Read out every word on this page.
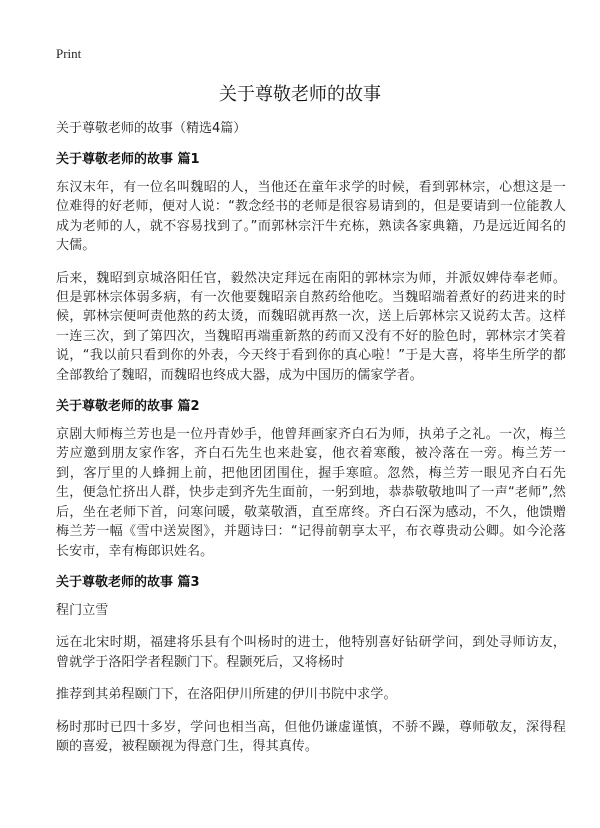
Print
关于尊敬老师的故事

关于尊敬老师的故事（精选4篇）

关于尊敬老师的故事 篇1

东汉末年，有一位名叫魏昭的人，当他还在童年求学的时候，看到郭林宗，心想这是一位难得的好老师，便对人说：“教念经书的老师是很容易请到的，但是要请到一位能教人成为老师的人，就不容易找到了。”而郭林宗汗牛充栋，熟读各家典籍，乃是远近闻名的大儒。

后来，魏昭到京城洛阳任官，毅然决定拜远在南阳的郭林宗为师，并派奴婢侍奉老师。但是郭林宗体弱多病，有一次他要魏昭亲自熬药给他吃。当魏昭端着煮好的药进来的时候，郭林宗便呵责他熬的药太烫，而魏昭就再熬一次，送上后郭林宗又说药太苦。这样一连三次，到了第四次，当魏昭再端重新熬的药而又没有不好的脸色时，郭林宗才笑着说，“我以前只看到你的外表，今天终于看到你的真心啦！”于是大喜，将毕生所学的都全部教给了魏昭，而魏昭也终成大器，成为中国历的儒家学者。

关于尊敬老师的故事 篇2

京剧大师梅兰芳也是一位丹青妙手，他曾拜画家齐白石为师，执弟子之礼。一次，梅兰芳应邀到朋友家作客，齐白石先生也来赴宴，他衣着寒酸，被冷落在一旁。梅兰芳一到，客厅里的人蜂拥上前，把他团团围住，握手寒暄。忽然，梅兰芳一眼见齐白石先生，便急忙挤出人群，快步走到齐先生面前，一躬到地，恭恭敬敬地叫了一声“老师”,然后，坐在老师下首，问寒问暖，敬菜敬酒，直至席终。齐白石深为感动，不久，他馈赠梅兰芳一幅《雪中送炭图》，并题诗曰：“记得前朝享太平，布衣尊贵动公卿。如今沦落长安市，幸有梅郎识姓名。

关于尊敬老师的故事 篇3

程门立雪

远在北宋时期，福建将乐县有个叫杨时的进士，他特别喜好钻研学问，到处寻师访友，曾就学于洛阳学者程颢门下。程颢死后，又将杨时

推荐到其弟程颐门下，在洛阳伊川所建的伊川书院中求学。

杨时那时已四十多岁，学问也相当高，但他仍谦虚谨慎，不骄不躁，尊师敬友，深得程颐的喜爱，被程颐视为得意门生，得其真传。
